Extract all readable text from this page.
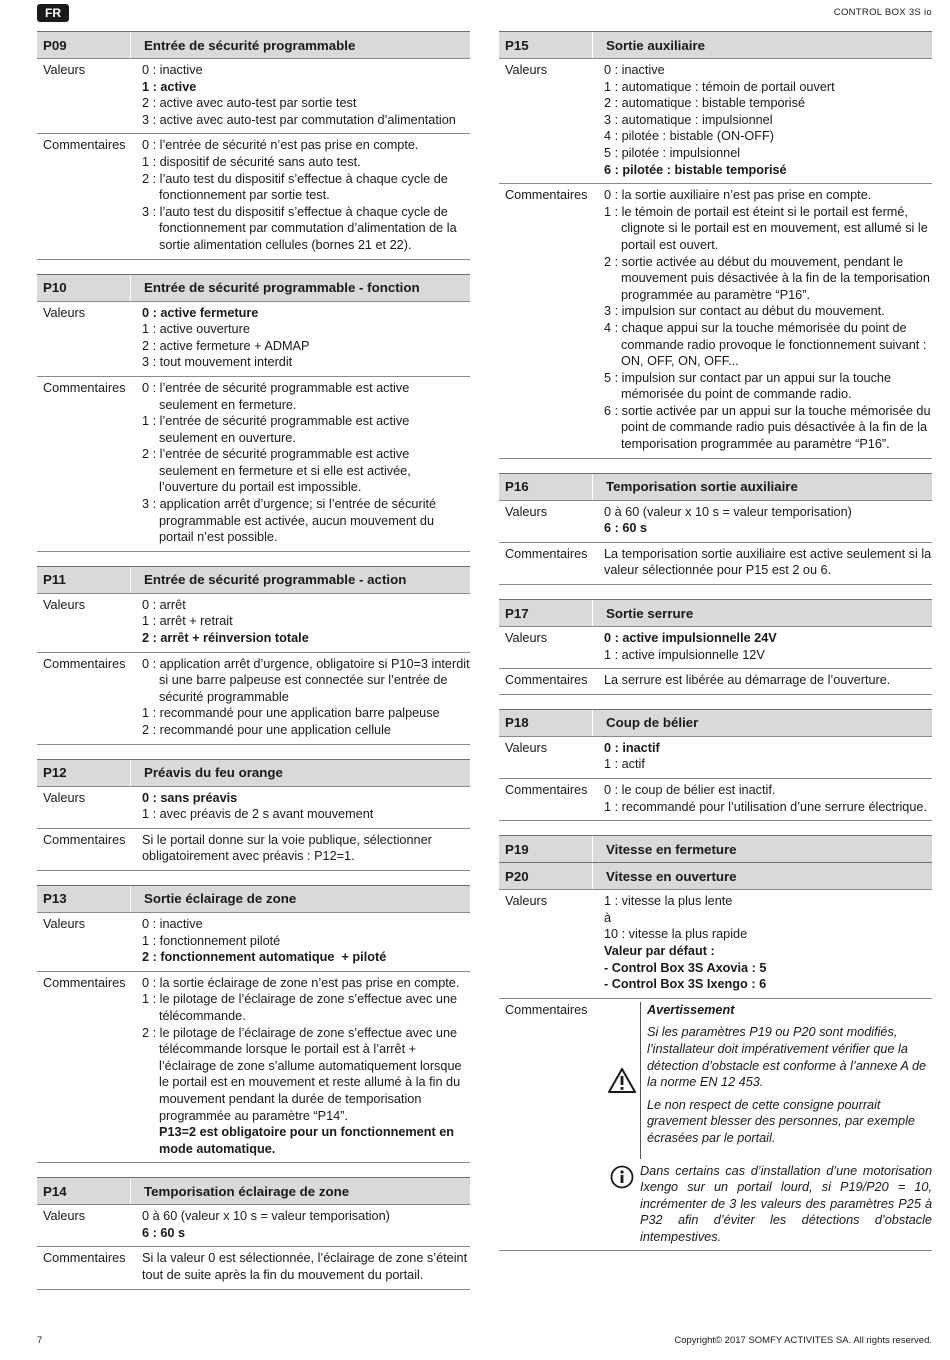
FR	CONTROL BOX 3S io
P09	Entrée de sécurité programmable
Valeurs	0 : inactive
1 : active
2 : active avec auto-test par sortie test
3 : active avec auto-test par commutation d’alimentation
Commentaires	0 : l’entrée de sécurité n’est pas prise en compte.
1 : dispositif de sécurité sans auto test.
2 : l’auto test du dispositif s’effectue à chaque cycle de fonctionnement par sortie test.
3 : l’auto test du dispositif s’effectue à chaque cycle de fonctionnement par commutation d’alimentation de la sortie alimentation cellules (bornes 21 et 22).
P10	Entrée de sécurité programmable - fonction
Valeurs	0 : active fermeture
1 : active ouverture
2 : active fermeture + ADMAP
3 : tout mouvement interdit
Commentaires	0 : l’entrée de sécurité programmable est active seulement en fermeture.
1 : l’entrée de sécurité programmable est active seulement en ouverture.
2 : l’entrée de sécurité programmable est active seulement en fermeture et si elle est activée, l’ouverture du portail est impossible.
3 : application arrêt d’urgence; si l’entrée de sécurité programmable est activée, aucun mouvement du portail n’est possible.
P11	Entrée de sécurité programmable - action
Valeurs	0 : arrêt
1 : arrêt + retrait
2 : arrêt + réinversion totale
Commentaires	0 : application arrêt d’urgence, obligatoire si P10=3 interdit si une barre palpeuse est connectée sur l’entrée de sécurité programmable
1 : recommandé pour une application barre palpeuse
2 : recommandé pour une application cellule
P12	Préavis du feu orange
Valeurs	0 : sans préavis
1 : avec préavis de 2 s avant mouvement
Commentaires	Si le portail donne sur la voie publique, sélectionner obligatoirement avec préavis : P12=1.
P13	Sortie éclairage de zone
Valeurs	0 : inactive
1 : fonctionnement piloté
2 : fonctionnement automatique  + piloté
Commentaires	0 : la sortie éclairage de zone n’est pas prise en compte.
1 : le pilotage de l’éclairage de zone s’effectue avec une télécommande.
2 : le pilotage de l’éclairage de zone s’effectue avec une télécommande lorsque le portail est à l’arrêt + l’éclairage de zone s’allume automatiquement lorsque le portail est en mouvement et reste allumé à la fin du mouvement pendant la durée de temporisation programmée au paramètre “P14”.
P13=2 est obligatoire pour un fonctionnement en mode automatique.
P14	Temporisation éclairage de zone
Valeurs	0 à 60 (valeur x 10 s = valeur temporisation)
6 : 60 s
Commentaires	Si la valeur 0 est sélectionnée, l’éclairage de zone s’éteint tout de suite après la fin du mouvement du portail.
P15	Sortie auxiliaire
Valeurs	0 : inactive
1 : automatique : témoin de portail ouvert
2 : automatique : bistable temporisé
3 : automatique : impulsionnel
4 : pilotée : bistable (ON-OFF)
5 : pilotée : impulsionnel
6 : pilotée : bistable temporisé
Commentaires	0 : la sortie auxiliaire n’est pas prise en compte.
1 : le témoin de portail est éteint si le portail est fermé, clignote si le portail est en mouvement, est allumé si le portail est ouvert.
2 : sortie activée au début du mouvement, pendant le mouvement puis désactivée à la fin de la temporisation programmée au paramètre “P16”.
3 : impulsion sur contact au début du mouvement.
4 : chaque appui sur la touche mémorisée du point de commande radio provoque le fonctionnement suivant : ON, OFF, ON, OFF...
5 : impulsion sur contact par un appui sur la touche mémorisée du point de commande radio.
6 : sortie activée par un appui sur la touche mémorisée du point de commande radio puis désactivée à la fin de la temporisation programmée au paramètre “P16”.
P16	Temporisation sortie auxiliaire
Valeurs	0 à 60 (valeur x 10 s = valeur temporisation)
6 : 60 s
Commentaires	La temporisation sortie auxiliaire est active seulement si la valeur sélectionnée pour P15 est 2 ou 6.
P17	Sortie serrure
Valeurs	0 : active impulsionnelle 24V
1 : active impulsionnelle 12V
Commentaires	La serrure est libérée au démarrage de l’ouverture.
P18	Coup de bélier
Valeurs	0 : inactif
1 : actif
Commentaires	0 : le coup de bélier est inactif.
1 : recommandé pour l’utilisation d’une serrure électrique.
P19	Vitesse en fermeture
P20	Vitesse en ouverture
Valeurs	1 : vitesse la plus lente
à
10 : vitesse la plus rapide
Valeur par défaut :
- Control Box 3S Axovia : 5
- Control Box 3S Ixengo : 6
Commentaires	Avertissement

Si les paramètres P19 ou P20 sont modifiés, l’installateur doit impérativement vérifier que la détection d’obstacle est conforme à l’annexe A de la norme EN 12 453.

Le non respect de cette consigne pourrait gravement blesser des personnes, par exemple écrasées par le portail.

Dans certains cas d’installation d’une motorisation Ixengo sur un portail lourd, si P19/P20 = 10, incrémenter de 3 les valeurs des paramètres P25 à P32 afin d’éviter les détections d’obstacle intempestives.
7	Copyright© 2017 SOMFY ACTIVITES SA. All rights reserved.
